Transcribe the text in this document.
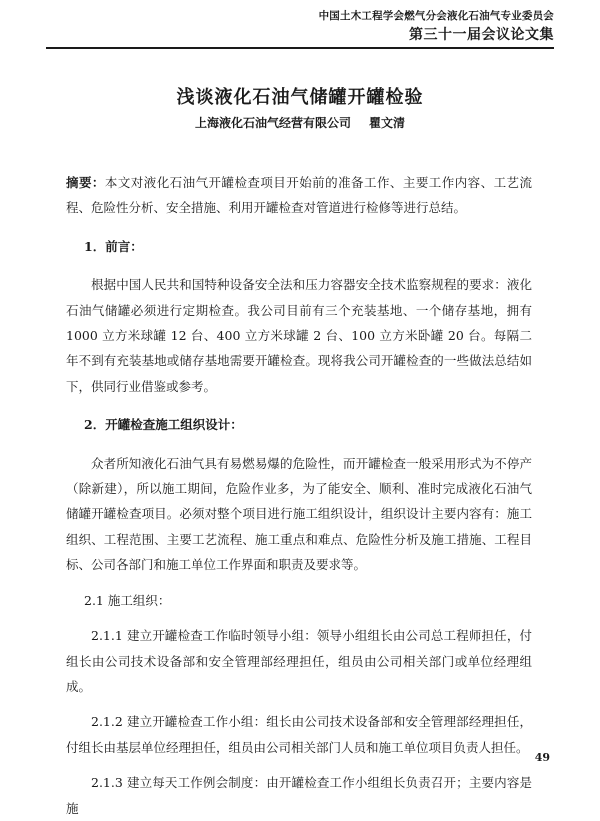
中国土木工程学会燃气分会液化石油气专业委员会
第三十一届会议论文集
浅谈液化石油气储罐开罐检验
上海液化石油气经营有限公司 瞿文清

摘要：本文对液化石油气开罐检查项目开始前的准备工作、主要工作内容、工艺流程、危险性分析、安全措施、利用开罐检查对管道进行检修等进行总结。

1．前言：

根据中国人民共和国特种设备安全法和压力容器安全技术监察规程的要求：液化石油气储罐必须进行定期检查。我公司目前有三个充装基地、一个储存基地，拥有 1000 立方米球罐 12 台、400 立方米球罐 2 台、100 立方米卧罐 20 台。每隔二年不到有充装基地或储存基地需要开罐检查。现将我公司开罐检查的一些做法总结如下，供同行业借鉴或参考。

2．开罐检查施工组织设计：

众者所知液化石油气具有易燃易爆的危险性，而开罐检查一般采用形式为不停产（除新建），所以施工期间，危险作业多，为了能安全、顺利、准时完成液化石油气储罐开罐检查项目。必须对整个项目进行施工组织设计，组织设计主要内容有：施工组织、工程范围、主要工艺流程、施工重点和难点、危险性分析及施工措施、工程目标、公司各部门和施工单位工作界面和职责及要求等。

2.1 施工组织：

2.1.1 建立开罐检查工作临时领导小组：领导小组组长由公司总工程师担任，付组长由公司技术设备部和安全管理部经理担任，组员由公司相关部门或单位经理组成。

2.1.2 建立开罐检查工作小组：组长由公司技术设备部和安全管理部经理担任，付组长由基层单位经理担任，组员由公司相关部门人员和施工单位项目负责人担任。

2.1.3 建立每天工作例会制度：由开罐检查工作小组组长负责召开；主要内容是施

49
